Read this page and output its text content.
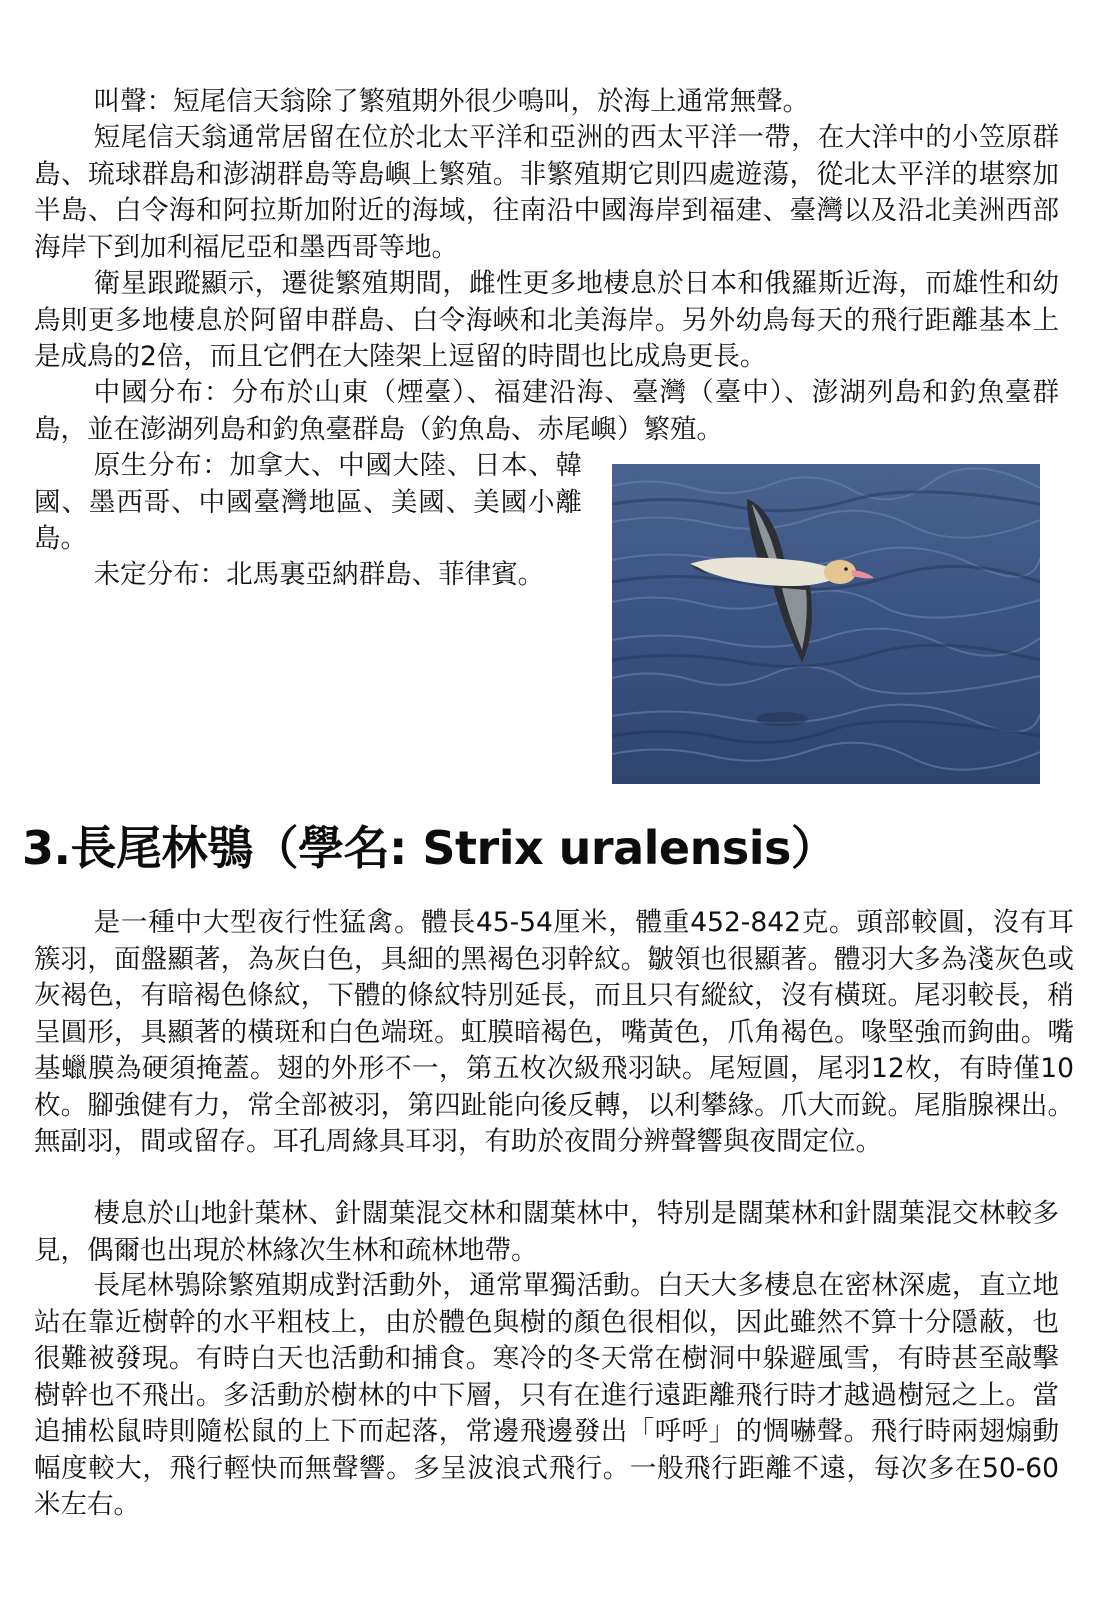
叫聲：短尾信天翁除了繁殖期外很少鳴叫，於海上通常無聲。

短尾信天翁通常居留在位於北太平洋和亞洲的西太平洋一帶，在大洋中的小笠原群島、琉球群島和澎湖群島等島嶼上繁殖。非繁殖期它則四處遊蕩，從北太平洋的堪察加半島、白令海和阿拉斯加附近的海域，往南沿中國海岸到福建、臺灣以及沿北美洲西部海岸下到加利福尼亞和墨西哥等地。

衛星跟蹤顯示，遷徙繁殖期間，雌性更多地棲息於日本和俄羅斯近海，而雄性和幼鳥則更多地棲息於阿留申群島、白令海峽和北美海岸。另外幼鳥每天的飛行距離基本上是成鳥的2倍，而且它們在大陸架上逗留的時間也比成鳥更長。

中國分布：分布於山東（煙臺）、福建沿海、臺灣（臺中）、澎湖列島和釣魚臺群島，並在澎湖列島和釣魚臺群島（釣魚島、赤尾嶼）繁殖。

原生分布：加拿大、中國大陸、日本、韓國、墨西哥、中國臺灣地區、美國、美國小離島。

未定分布：北馬裏亞納群島、菲律賓。

3.長尾林鴞（學名: Strix uralensis）

是一種中大型夜行性猛禽。體長45-54厘米，體重452-842克。頭部較圓，沒有耳簇羽，面盤顯著，為灰白色，具細的黑褐色羽幹紋。皺領也很顯著。體羽大多為淺灰色或灰褐色，有暗褐色條紋，下體的條紋特別延長，而且只有縱紋，沒有橫斑。尾羽較長，稍呈圓形，具顯著的橫斑和白色端斑。虹膜暗褐色，嘴黃色，爪角褐色。喙堅強而鉤曲。嘴基蠟膜為硬須掩蓋。翅的外形不一，第五枚次級飛羽缺。尾短圓，尾羽12枚，有時僅10枚。腳強健有力，常全部被羽，第四趾能向後反轉，以利攀緣。爪大而銳。尾脂腺裸出。無副羽，間或留存。耳孔周緣具耳羽，有助於夜間分辨聲響與夜間定位。

棲息於山地針葉林、針闊葉混交林和闊葉林中，特別是闊葉林和針闊葉混交林較多見，偶爾也出現於林緣次生林和疏林地帶。

長尾林鴞除繁殖期成對活動外，通常單獨活動。白天大多棲息在密林深處，直立地站在靠近樹幹的水平粗枝上，由於體色與樹的顏色很相似，因此雖然不算十分隱蔽，也很難被發現。有時白天也活動和捕食。寒冷的冬天常在樹洞中躲避風雪，有時甚至敲擊樹幹也不飛出。多活動於樹林的中下層，只有在進行遠距離飛行時才越過樹冠之上。當追捕松鼠時則隨松鼠的上下而起落，常邊飛邊發出「呼呼」的惆嚇聲。飛行時兩翅煽動幅度較大，飛行輕快而無聲響。多呈波浪式飛行。一般飛行距離不遠，每次多在50-60米左右。
